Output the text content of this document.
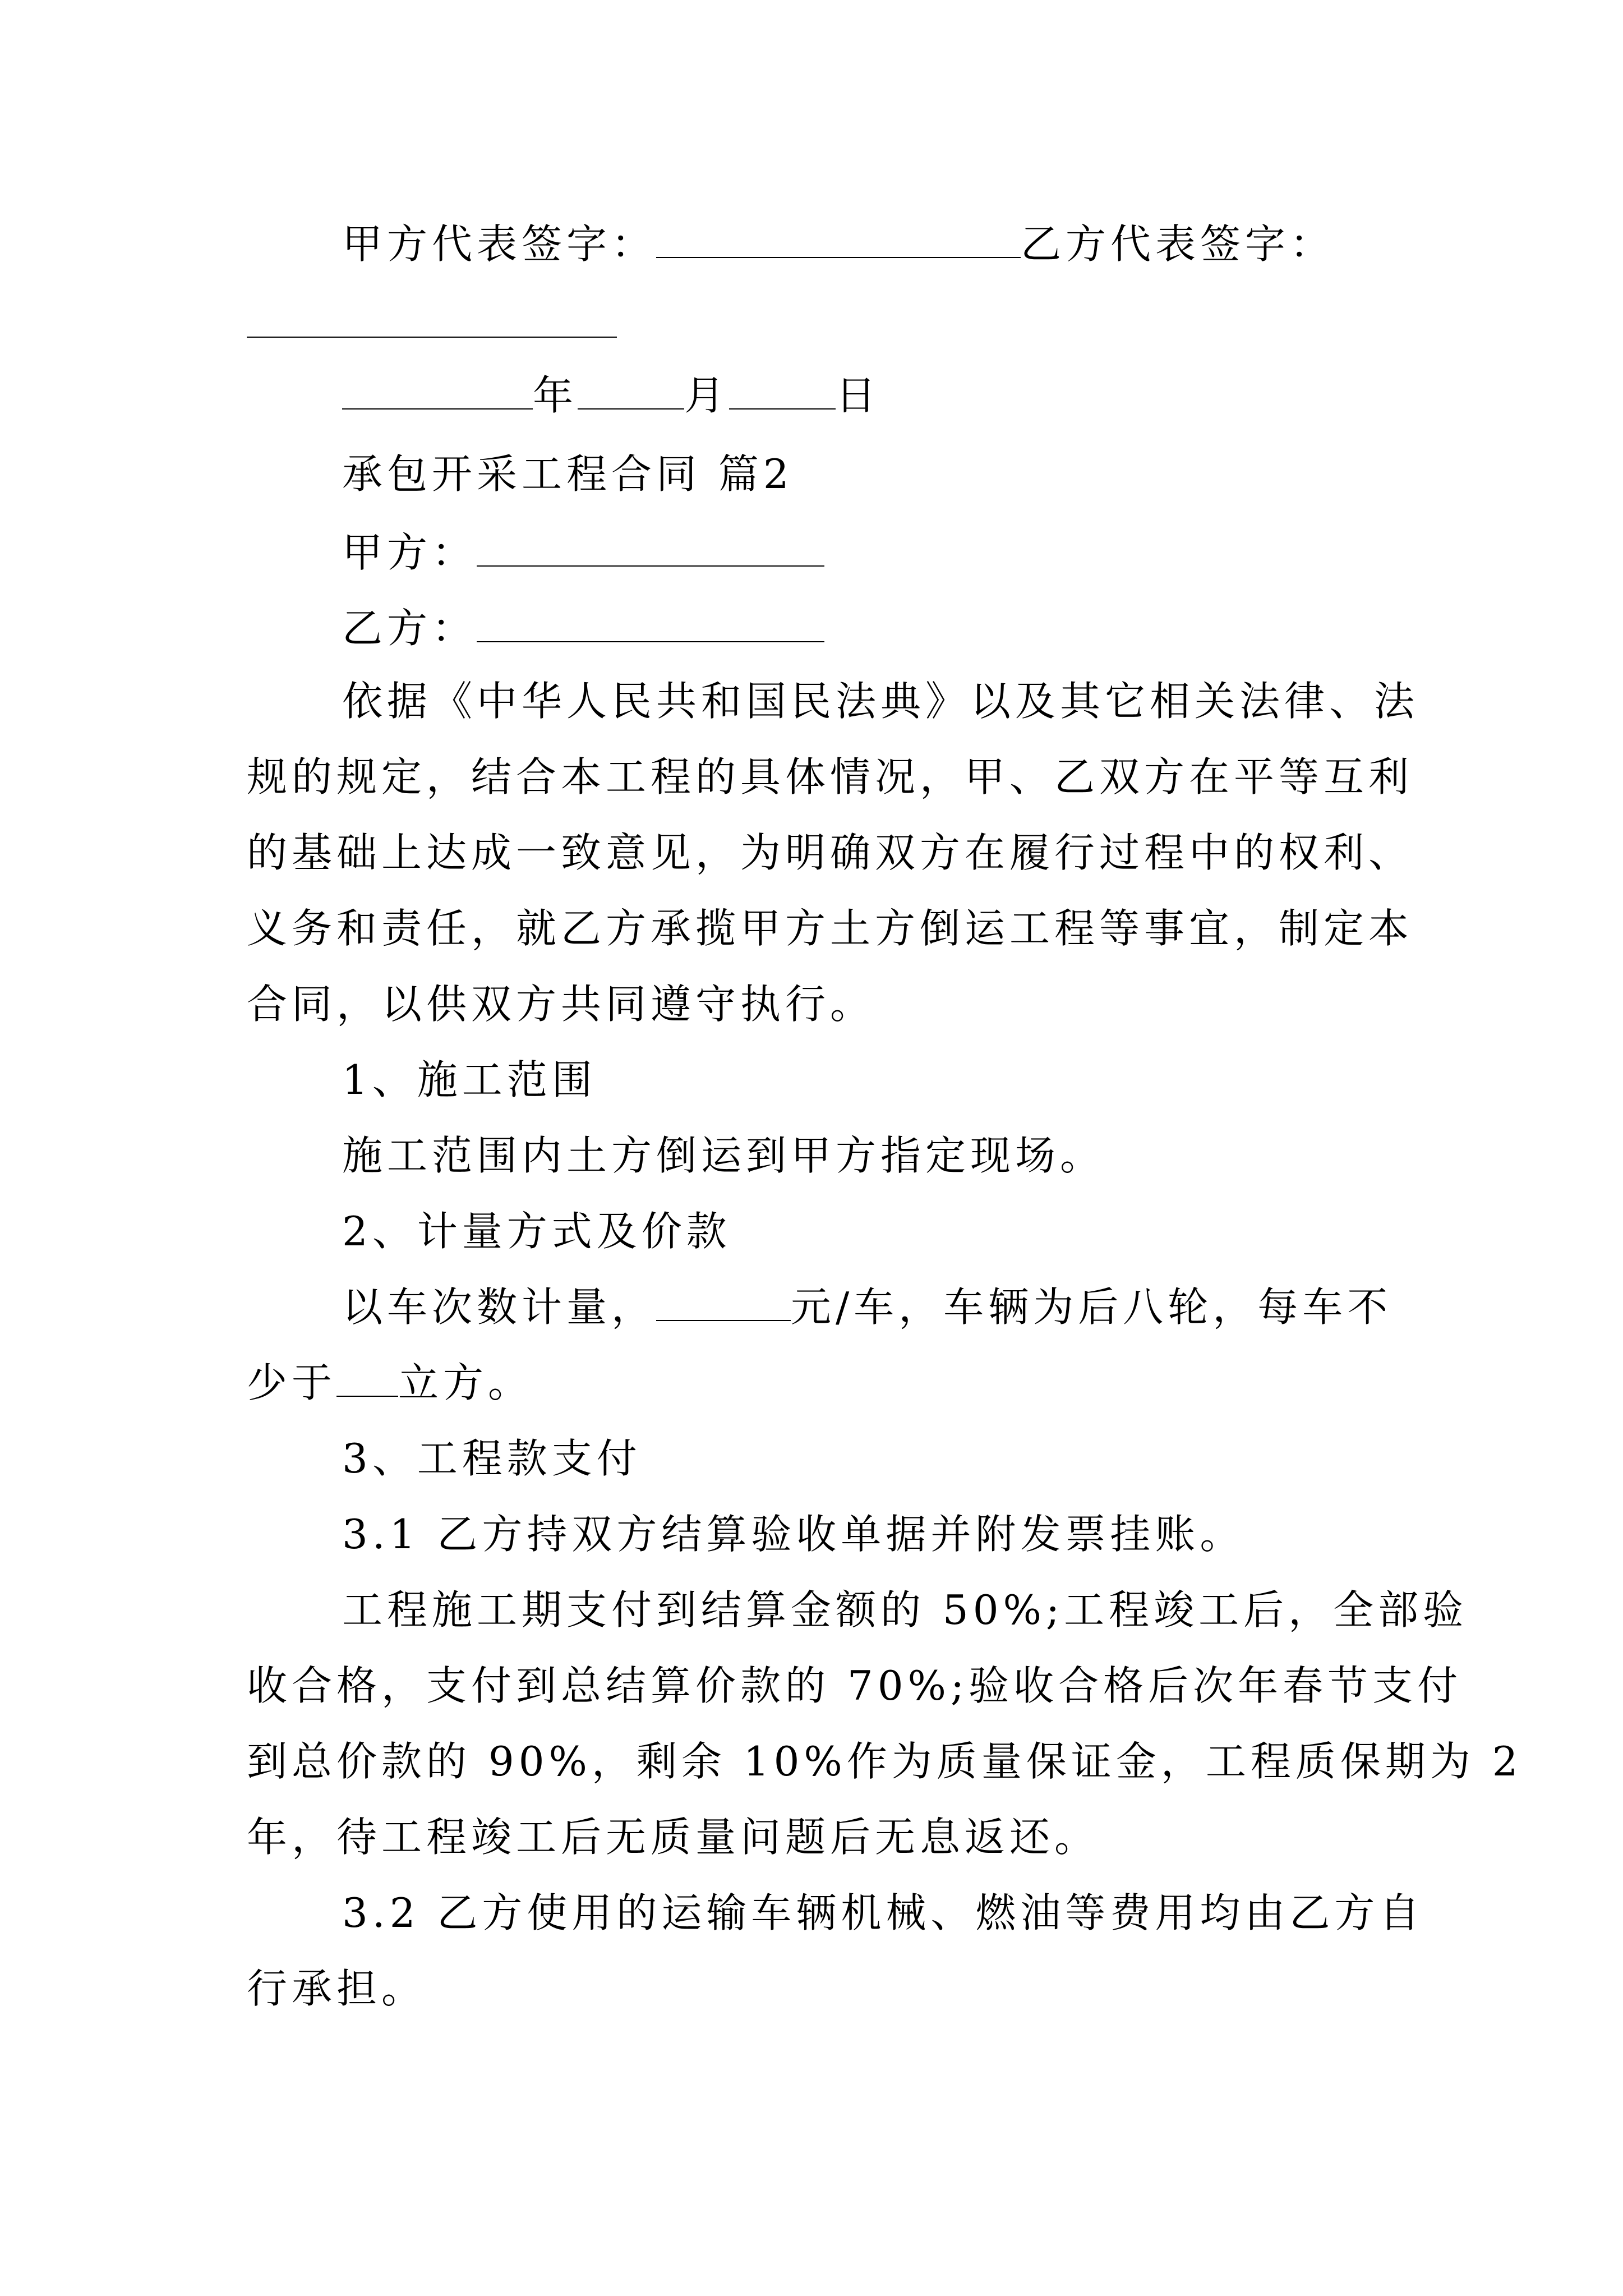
甲方代表签字：	乙方代表签字：

年	月	日

承包开采工程合同 篇2

甲方：

乙方：

依据《中华人民共和国民法典》以及其它相关法律、法

规的规定，结合本工程的具体情况，甲、乙双方在平等互利

的基础上达成一致意见，为明确双方在履行过程中的权利、

义务和责任，就乙方承揽甲方土方倒运工程等事宜，制定本

合同，以供双方共同遵守执行。

1、施工范围

施工范围内土方倒运到甲方指定现场。

2、计量方式及价款

以车次数计量，	元/车，车辆为后八轮，每车不

少于 立方。

3、工程款支付

3.1 乙方持双方结算验收单据并附发票挂账。

工程施工期支付到结算金额的 50%;工程竣工后，全部验

收合格，支付到总结算价款的 70%;验收合格后次年春节支付

到总价款的 90%，剩余 10%作为质量保证金，工程质保期为 2

年，待工程竣工后无质量问题后无息返还。

3.2 乙方使用的运输车辆机械、燃油等费用均由乙方自

行承担。
